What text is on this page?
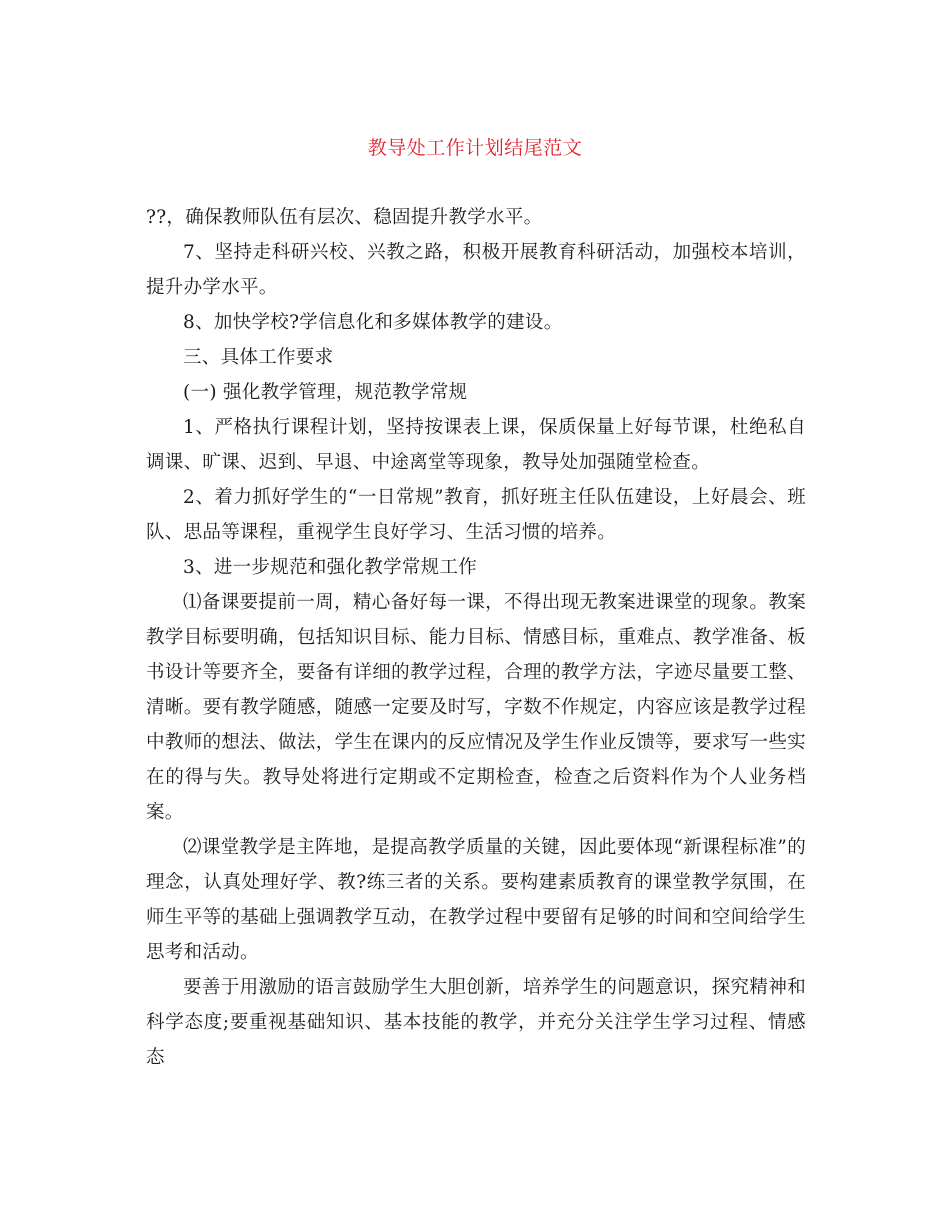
教导处工作计划结尾范文

??，确保教师队伍有层次、稳固提升教学水平。

7、坚持走科研兴校、兴教之路，积极开展教育科研活动，加强校本培训，提升办学水平。

8、加快学校?学信息化和多媒体教学的建设。

三、具体工作要求

(一) 强化教学管理，规范教学常规

1、严格执行课程计划，坚持按课表上课，保质保量上好每节课，杜绝私自调课、旷课、迟到、早退、中途离堂等现象，教导处加强随堂检查。

2、着力抓好学生的“一日常规”教育，抓好班主任队伍建设，上好晨会、班队、思品等课程，重视学生良好学习、生活习惯的培养。

3、进一步规范和强化教学常规工作

⑴备课要提前一周，精心备好每一课，不得出现无教案进课堂的现象。教案教学目标要明确，包括知识目标、能力目标、情感目标，重难点、教学准备、板书设计等要齐全，要备有详细的教学过程，合理的教学方法，字迹尽量要工整、清晰。要有教学随感，随感一定要及时写，字数不作规定，内容应该是教学过程中教师的想法、做法，学生在课内的反应情况及学生作业反馈等，要求写一些实在的得与失。教导处将进行定期或不定期检查，检查之后资料作为个人业务档案。

⑵课堂教学是主阵地，是提高教学质量的关键，因此要体现“新课程标准”的理念，认真处理好学、教?练三者的关系。要构建素质教育的课堂教学氛围，在师生平等的基础上强调教学互动，在教学过程中要留有足够的时间和空间给学生思考和活动。

要善于用激励的语言鼓励学生大胆创新，培养学生的问题意识，探究精神和科学态度;要重视基础知识、基本技能的教学，并充分关注学生学习过程、情感态
